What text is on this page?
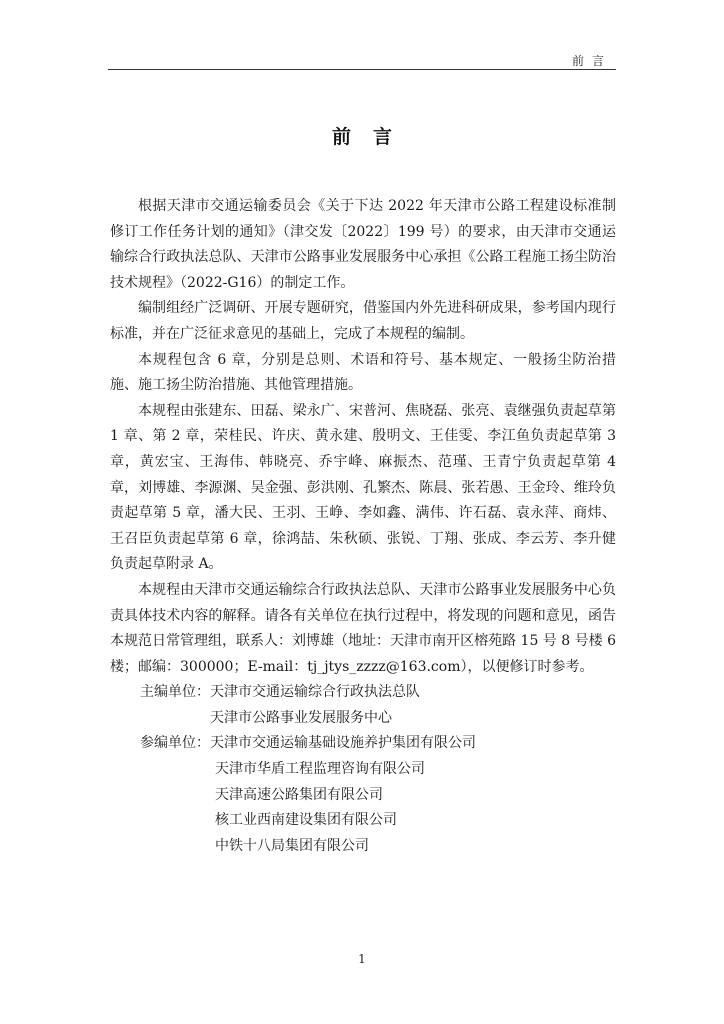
前言
前言

根据天津市交通运输委员会《关于下达 2022 年天津市公路工程建设标准制修订工作任务计划的通知》（津交发〔2022〕199 号）的要求，由天津市交通运输综合行政执法总队、天津市公路事业发展服务中心承担《公路工程施工扬尘防治技术规程》（2022-G16）的制定工作。

编制组经广泛调研、开展专题研究，借鉴国内外先进科研成果，参考国内现行标准，并在广泛征求意见的基础上，完成了本规程的编制。

本规程包含 6 章，分别是总则、术语和符号、基本规定、一般扬尘防治措施、施工扬尘防治措施、其他管理措施。

本规程由张建东、田磊、梁永广、宋普河、焦晓磊、张亮、袁继强负责起草第 1 章、第 2 章，荣桂民、许庆、黄永建、殷明文、王佳雯、李江鱼负责起草第 3 章，黄宏宝、王海伟、韩晓亮、乔宇峰、麻振杰、范瑾、王青宁负责起草第 4 章，刘博雄、李源渊、吴金强、彭洪刚、孔繁杰、陈晨、张若愚、王金玲、维玲负责起草第 5 章，潘大民、王羽、王峥、李如鑫、满伟、许石磊、袁永萍、商炜、王召臣负责起草第 6 章，徐鸿喆、朱秋硕、张锐、丁翔、张成、李云芳、李升健负责起草附录 A。

本规程由天津市交通运输综合行政执法总队、天津市公路事业发展服务中心负责具体技术内容的解释。请各有关单位在执行过程中，将发现的问题和意见，函告本规范日常管理组，联系人：刘博雄（地址：天津市南开区榕苑路 15 号 8 号楼 6 楼；邮编：300000；E-mail：tj_jtys_zzzz@163.com），以便修订时参考。

主编单位： 天津市交通运输综合行政执法总队
天津市公路事业发展服务中心
参编单位： 天津市交通运输基础设施养护集团有限公司
天津市华盾工程监理咨询有限公司
天津高速公路集团有限公司
核工业西南建设集团有限公司
中铁十八局集团有限公司
1
